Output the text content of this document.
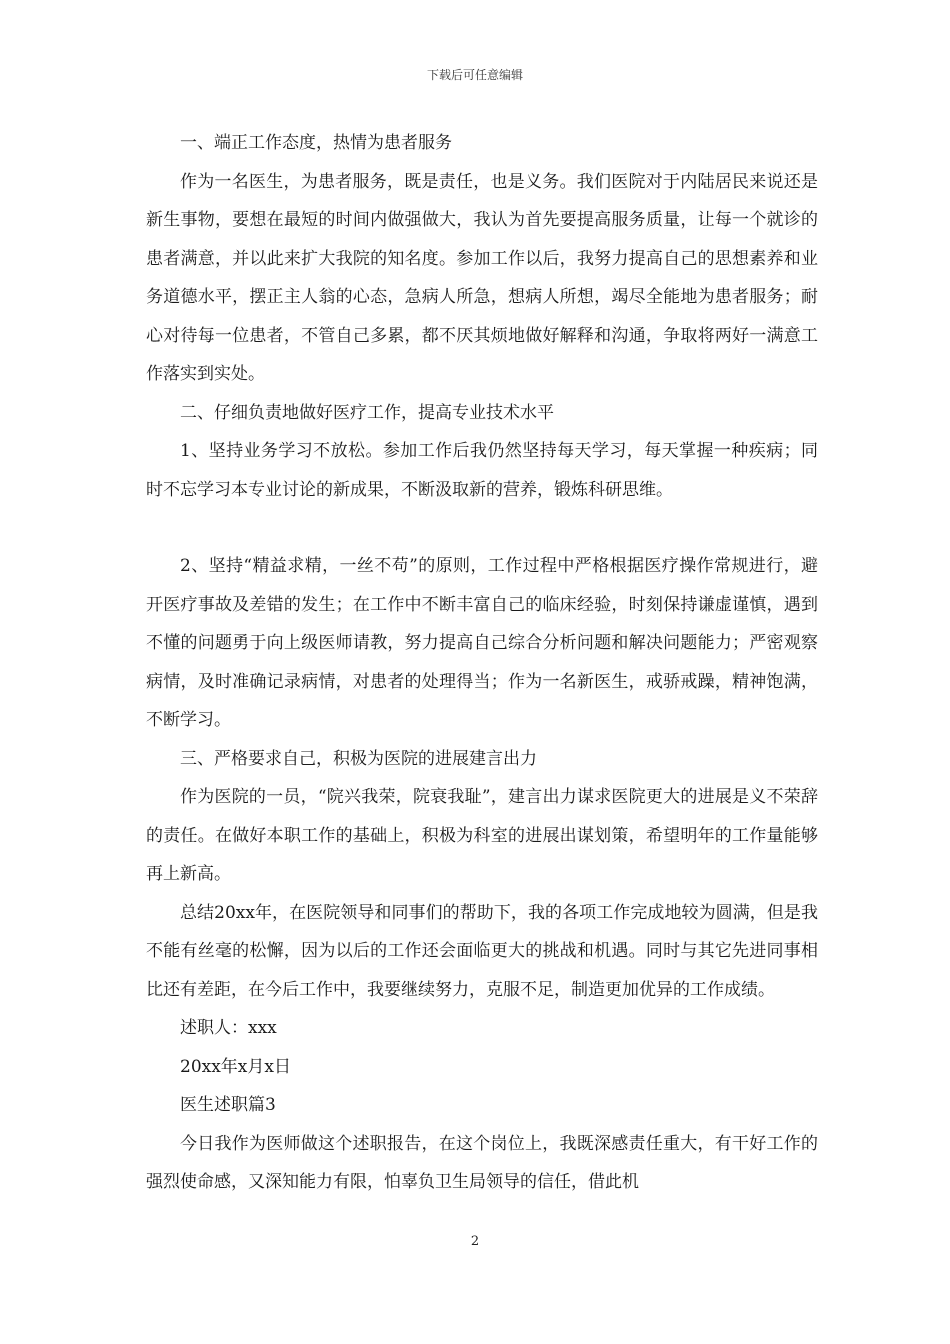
下载后可任意编辑

一、端正工作态度，热情为患者服务

作为一名医生，为患者服务，既是责任，也是义务。我们医院对于内陆居民来说还是新生事物，要想在最短的时间内做强做大，我认为首先要提高服务质量，让每一个就诊的患者满意，并以此来扩大我院的知名度。参加工作以后，我努力提高自己的思想素养和业务道德水平，摆正主人翁的心态，急病人所急，想病人所想，竭尽全能地为患者服务；耐心对待每一位患者，不管自己多累，都不厌其烦地做好解释和沟通，争取将两好一满意工作落实到实处。

二、仔细负责地做好医疗工作，提高专业技术水平

1、坚持业务学习不放松。参加工作后我仍然坚持每天学习，每天掌握一种疾病；同时不忘学习本专业讨论的新成果，不断汲取新的营养，锻炼科研思维。

2、坚持“精益求精，一丝不苟”的原则，工作过程中严格根据医疗操作常规进行，避开医疗事故及差错的发生；在工作中不断丰富自己的临床经验，时刻保持谦虚谨慎，遇到不懂的问题勇于向上级医师请教，努力提高自己综合分析问题和解决问题能力；严密观察病情，及时准确记录病情，对患者的处理得当；作为一名新医生，戒骄戒躁，精神饱满，不断学习。

三、严格要求自己，积极为医院的进展建言出力

作为医院的一员，“院兴我荣，院衰我耻”，建言出力谋求医院更大的进展是义不荣辞的责任。在做好本职工作的基础上，积极为科室的进展出谋划策，希望明年的工作量能够再上新高。

总结20xx年，在医院领导和同事们的帮助下，我的各项工作完成地较为圆满，但是我不能有丝毫的松懈，因为以后的工作还会面临更大的挑战和机遇。同时与其它先进同事相比还有差距，在今后工作中，我要继续努力，克服不足，制造更加优异的工作成绩。

述职人：xxx

20xx年x月x日

医生述职篇3

今日我作为医师做这个述职报告，在这个岗位上，我既深感责任重大，有干好工作的强烈使命感，又深知能力有限，怕辜负卫生局领导的信任，借此机

2
